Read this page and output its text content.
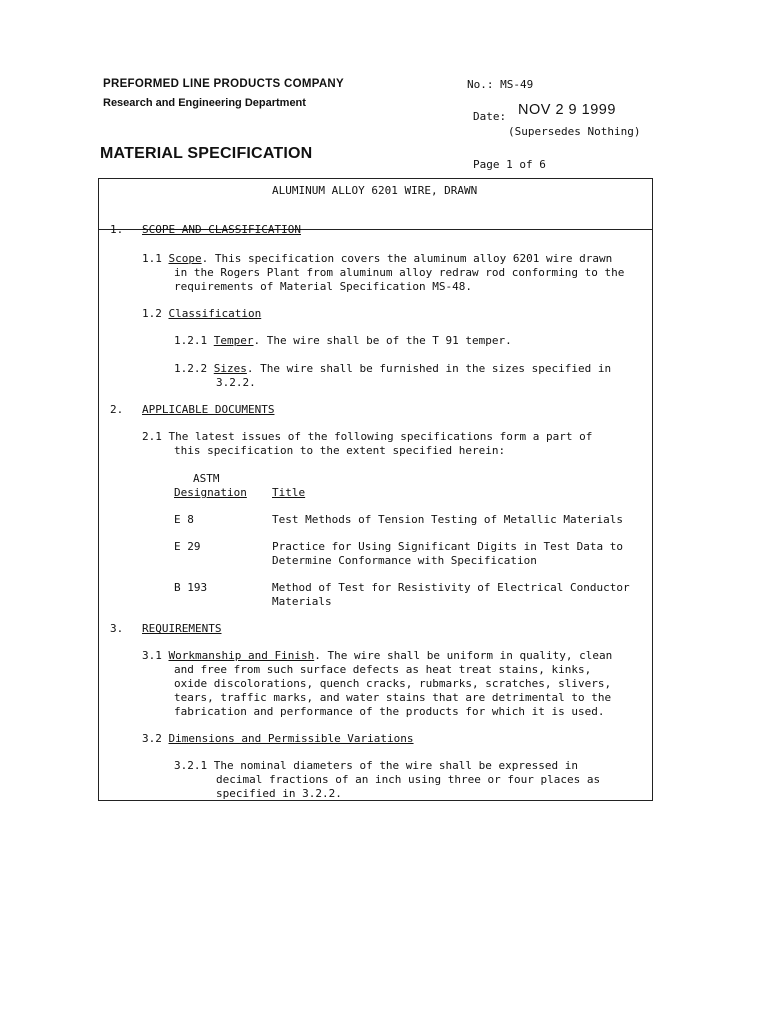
PREFORMED LINE PRODUCTS COMPANY
Research and Engineering Department
MATERIAL SPECIFICATION
No.: MS-49
Date: NOV 2 9 1999
(Supersedes Nothing)
Page 1 of 6
ALUMINUM ALLOY 6201 WIRE, DRAWN
1. SCOPE AND CLASSIFICATION
1.1 Scope. This specification covers the aluminum alloy 6201 wire drawn
in the Rogers Plant from aluminum alloy redraw rod conforming to the
requirements of Material Specification MS-48.
1.2 Classification
1.2.1 Temper. The wire shall be of the T 91 temper.
1.2.2 Sizes. The wire shall be furnished in the sizes specified in
3.2.2.
2. APPLICABLE DOCUMENTS
2.1 The latest issues of the following specifications form a part of
this specification to the extent specified herein:
ASTM
Designation Title
E 8	Test Methods of Tension Testing of Metallic Materials
E 29	Practice for Using Significant Digits in Test Data to
Determine Conformance with Specification
B 193	Method of Test for Resistivity of Electrical Conductor
Materials
3. REQUIREMENTS
3.1 Workmanship and Finish. The wire shall be uniform in quality, clean
and free from such surface defects as heat treat stains, kinks,
oxide discolorations, quench cracks, rubmarks, scratches, slivers,
tears, traffic marks, and water stains that are detrimental to the
fabrication and performance of the products for which it is used.
3.2 Dimensions and Permissible Variations
3.2.1 The nominal diameters of the wire shall be expressed in
decimal fractions of an inch using three or four places as
specified in 3.2.2.
